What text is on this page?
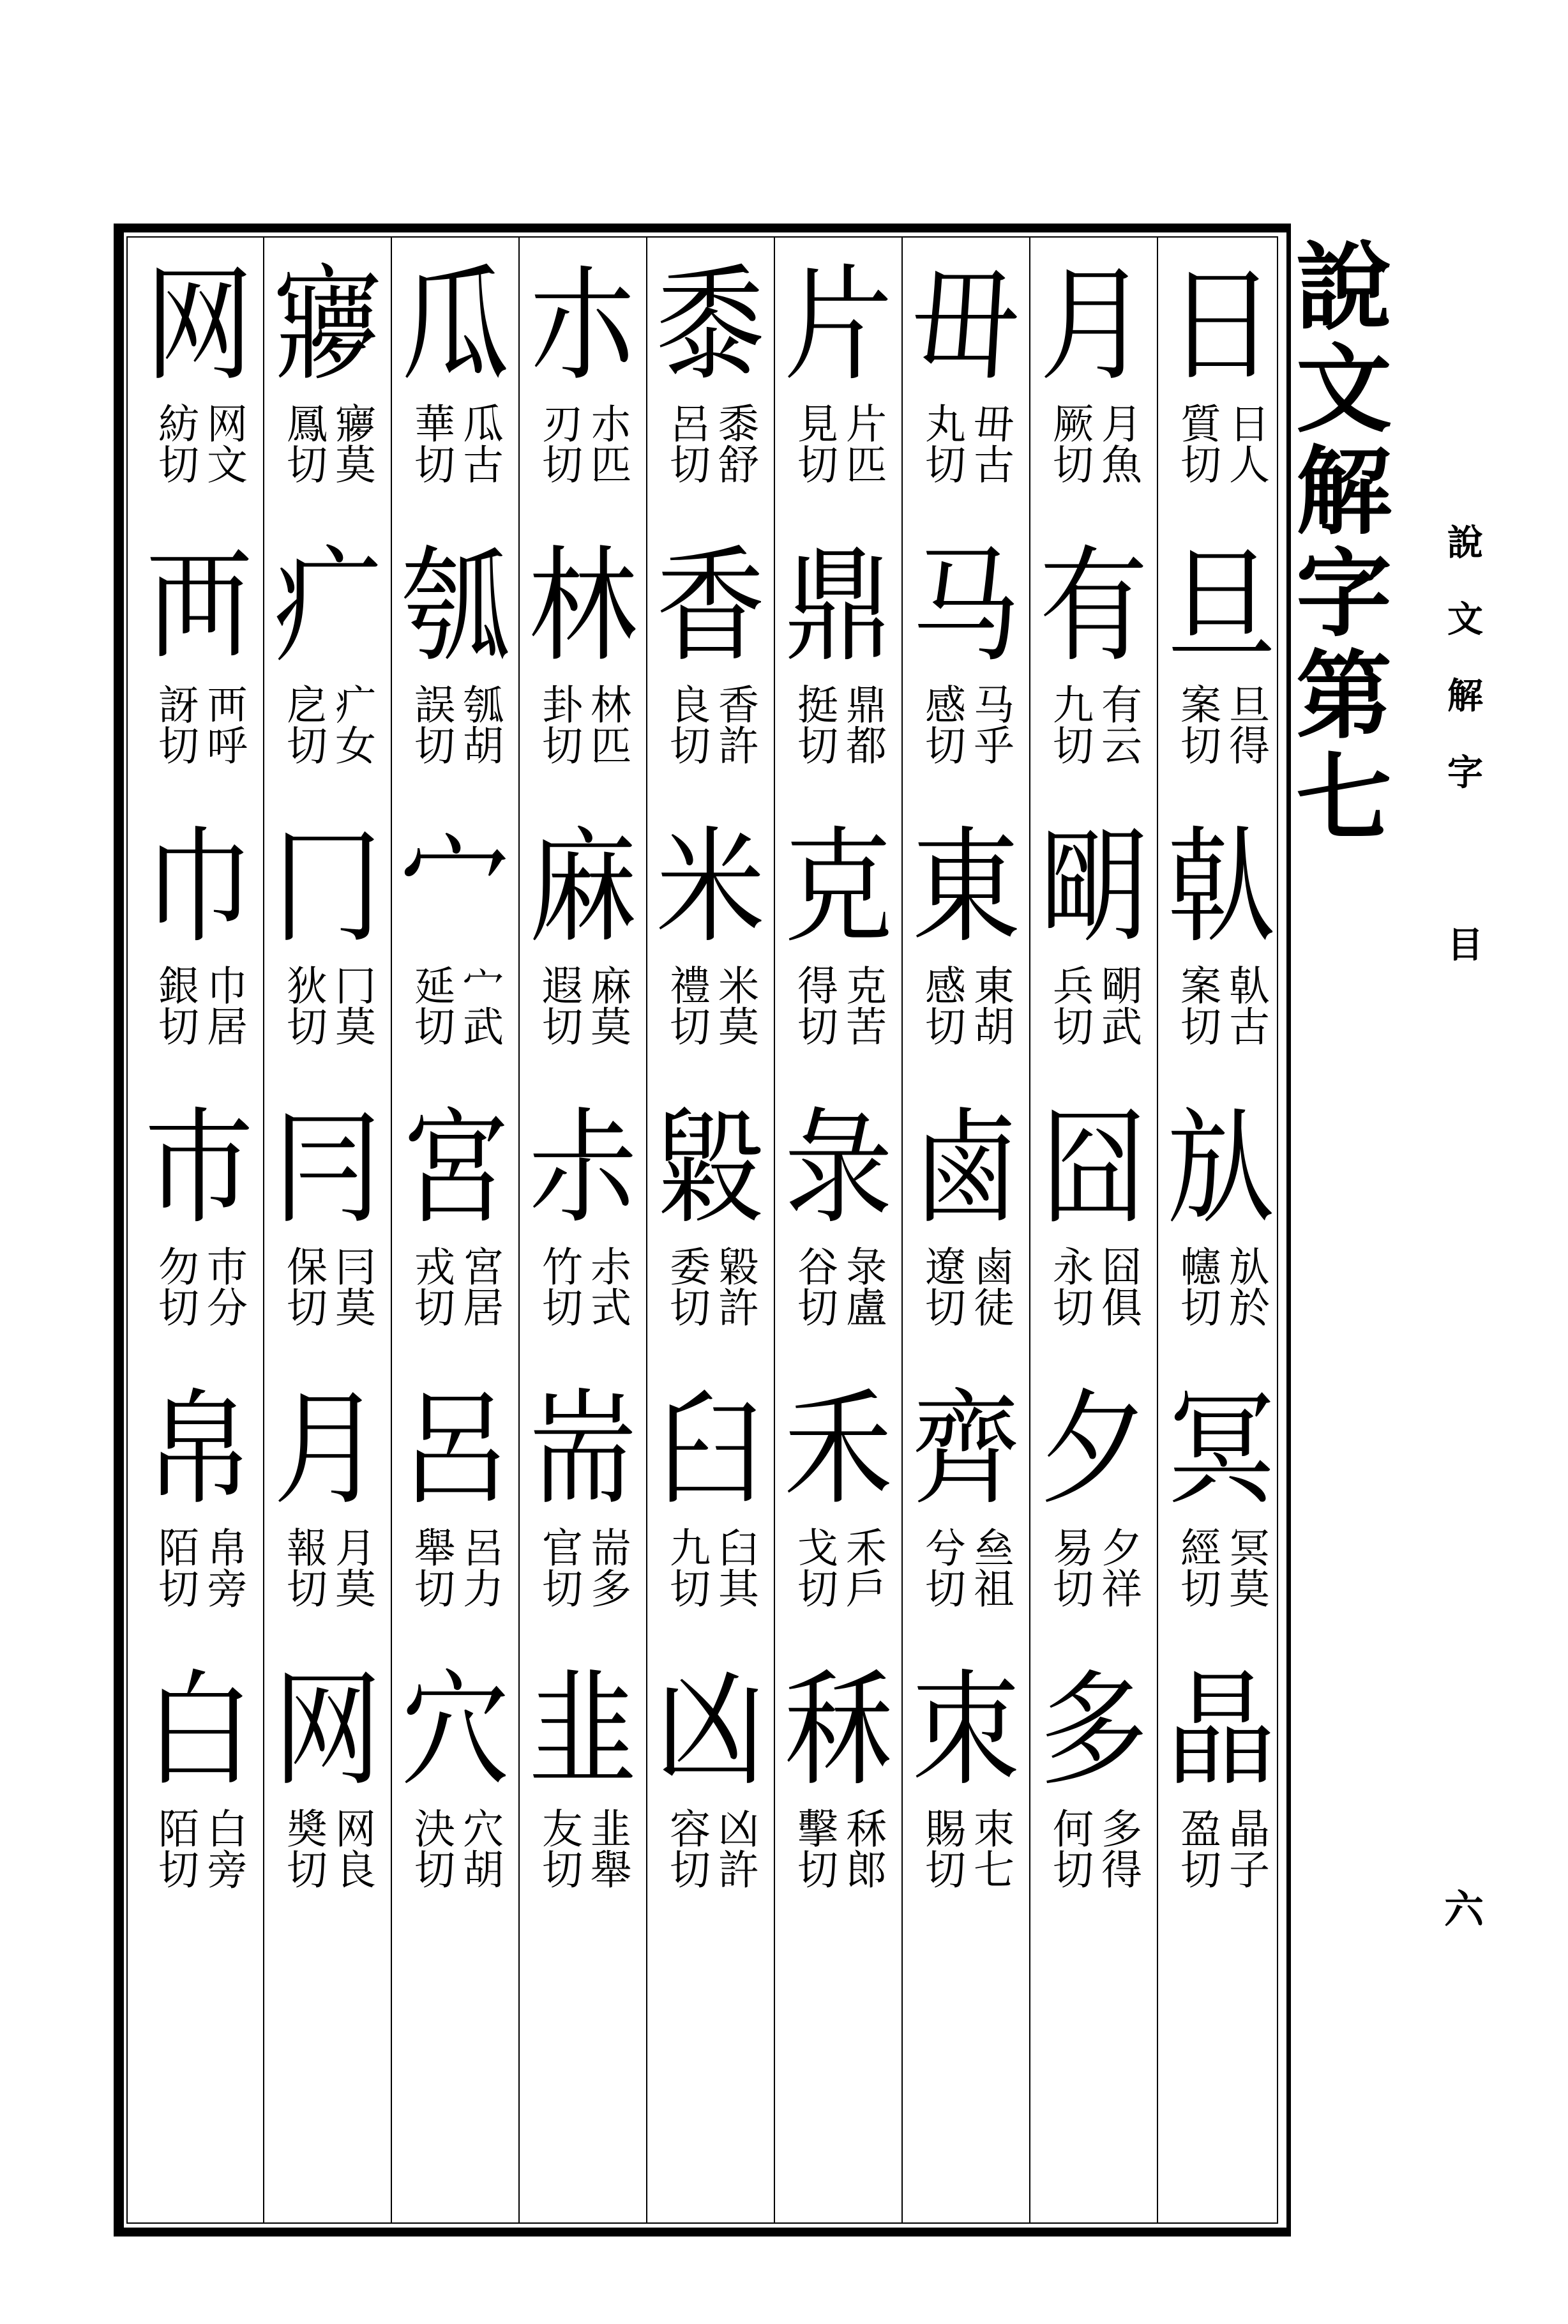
說
文
解
字
第
七
說
文
解
字
目
六
日
日人
質切
旦
旦得
案切
倝
倝古
案切
㫃
㫃於
幰切
冥
冥莫
經切
晶
晶子
盈切
月
月魚
厥切
有
有云
九切
朙
朙武
兵切
囧
囧俱
永切
夕
夕祥
易切
多
多得
何切
毌
毌古
丸切
马
马乎
感切
東
東胡
感切
鹵
鹵徒
遼切
齊
亝祖
兮切
朿
朿七
賜切
片
片匹
見切
鼎
鼎都
挺切
克
克苦
得切
彔
彔盧
谷切
禾
禾戶
戈切
秝
秝郎
擊切
黍
黍舒
呂切
香
香許
良切
米
米莫
禮切
毇
毇許
委切
臼
臼其
九切
凶
凶許
容切
朩
朩匹
刃切
林
林匹
卦切
麻
麻莫
遐切
尗
尗式
竹切
耑
耑多
官切
韭
韭舉
友切
瓜
瓜古
華切
瓠
瓠胡
誤切
宀
宀武
延切
宮
宮居
戎切
呂
呂力
舉切
穴
穴胡
決切
㝱
㝱莫
鳳切
疒
疒女
戹切
冂
冂莫
狄切
冃
冃莫
保切
月
月莫
報切
网
网良
奬切
网
网文
紡切
襾
襾呼
訝切
巾
巾居
銀切
巿
巿分
勿切
帛
帛旁
陌切
白
白旁
陌切
